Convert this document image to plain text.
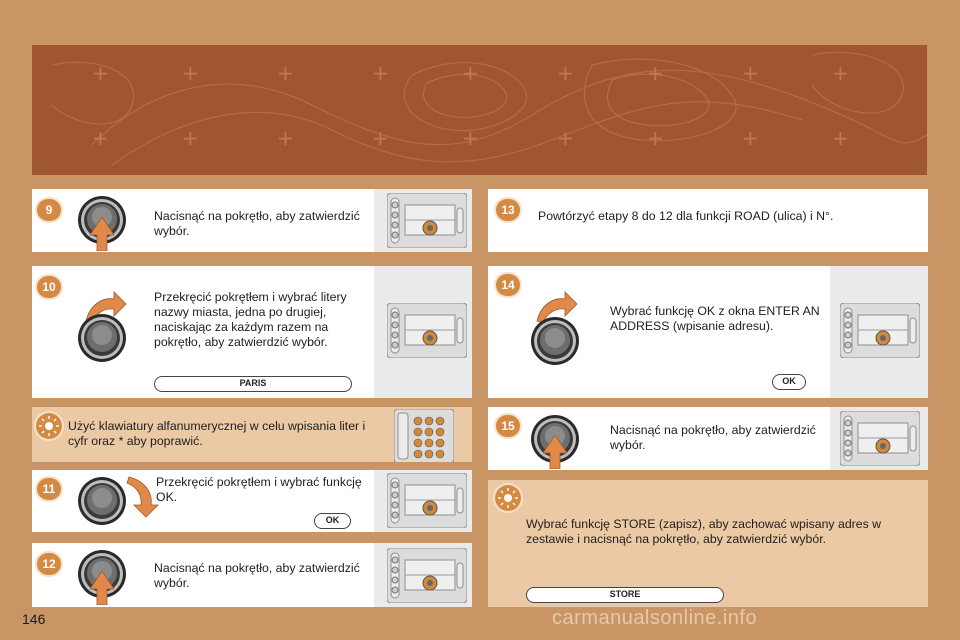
+	+	+	+	+	+	+	+	+
+	+	+	+	+	+	+	+	+
Nacisnąć na pokrętło, aby zatwierdzić wybór.
9
Przekręcić pokrętłem i wybrać litery nazwy miasta, jedna po drugiej, naciskając za każdym razem na pokrętło, aby zatwierdzić wybór.
PARIS
10
Użyć klawiatury alfanumerycznej w celu wpisania liter i cyfr oraz * aby poprawić.
Przekręcić pokrętłem i wybrać funkcję OK.
OK
11
Nacisnąć na pokrętło, aby zatwierdzić wybór.
12
Powtórzyć etapy 8 do 12 dla funkcji ROAD (ulica) i N°.
13
Wybrać funkcję OK z okna ENTER AN ADDRESS (wpisanie adresu).
OK
14
Nacisnąć na pokrętło, aby zatwierdzić wybór.
15
Wybrać funkcję STORE (zapisz), aby zachować wpisany adres w zestawie i nacisnąć na pokrętło, aby zatwierdzić wybór.
STORE
146	carmanualsonline.info
